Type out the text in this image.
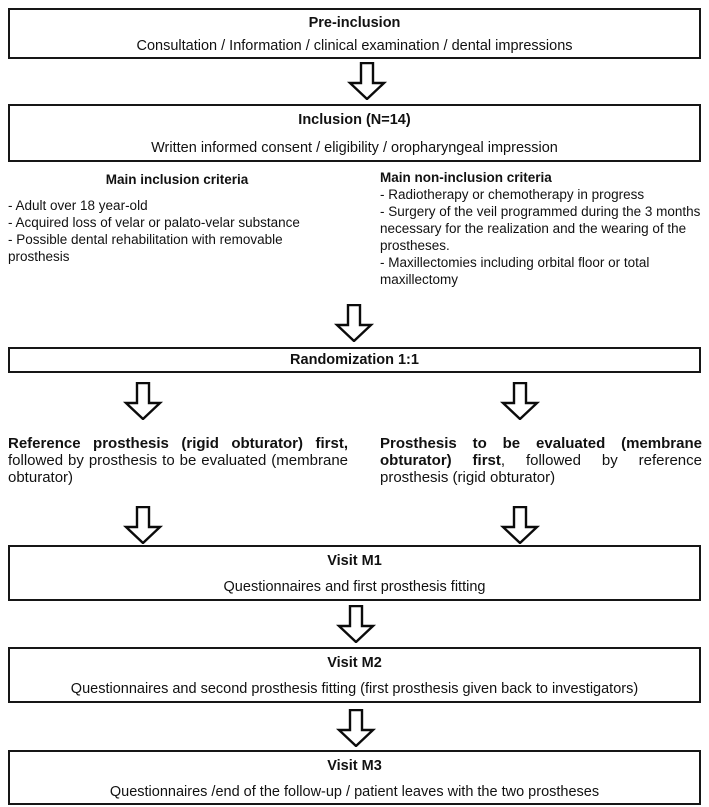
Pre-inclusion
Consultation / Information / clinical examination / dental impressions
Inclusion (N=14)
Written informed consent / eligibility / oropharyngeal impression
Main inclusion criteria
- Adult over 18 year-old
- Acquired loss of velar or palato-velar substance
- Possible dental rehabilitation with removable prosthesis
Main non-inclusion criteria
- Radiotherapy or chemotherapy in progress
- Surgery of the veil programmed during the 3 months necessary for the realization and the wearing of the prostheses.
- Maxillectomies including orbital floor or total maxillectomy
Randomization 1:1
Reference prosthesis (rigid obturator) first, followed by prosthesis to be evaluated (membrane obturator)
Prosthesis to be evaluated (membrane obturator) first, followed by reference prosthesis (rigid obturator)
Visit M1
Questionnaires and first prosthesis fitting
Visit M2
Questionnaires and second prosthesis fitting (first prosthesis given back to investigators)
Visit M3
Questionnaires /end of the follow-up / patient leaves with the two prostheses
